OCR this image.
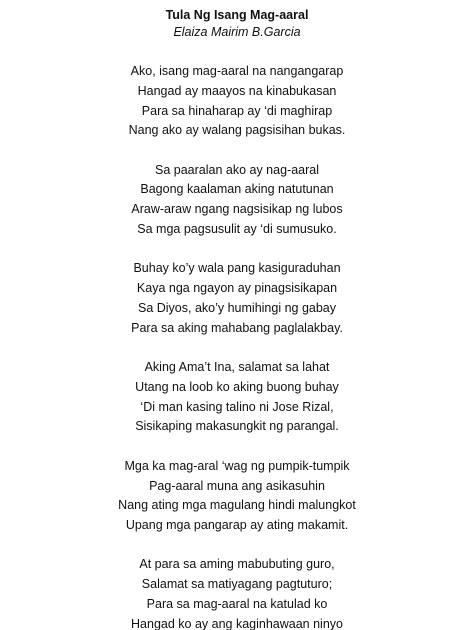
Tula Ng Isang Mag-aaral
Elaiza Mairim B.Garcia
Ako, isang mag-aaral na nangangarap
Hangad ay maayos na kinabukasan
Para sa hinaharap ay ‘di maghirap
Nang ako ay walang pagsisihan bukas.
Sa paaralan ako ay nag-aaral
Bagong kaalaman aking natutunan
Araw-araw ngang nagsisikap ng lubos
Sa mga pagsusulit ay ‘di sumusuko.
Buhay ko’y wala pang kasiguraduhan
Kaya nga ngayon ay pinagsisikapan
Sa Diyos, ako’y humihingi ng gabay
Para sa aking mahabang paglalakbay.
Aking Ama’t Ina, salamat sa lahat
Utang na loob ko aking buong buhay
‘Di man kasing talino ni Jose Rizal,
Sisikaping makasungkit ng parangal.
Mga ka mag-aral ‘wag ng pumpik-tumpik
Pag-aaral muna ang asikasuhin
Nang ating mga magulang hindi malungkot
Upang mga pangarap ay ating makamit.
At para sa aming mabubuting guro,
Salamat sa matiyagang pagtuturo;
Para sa mag-aaral na katulad ko
Hangad ko ay ang kaginhawaan ninyo
